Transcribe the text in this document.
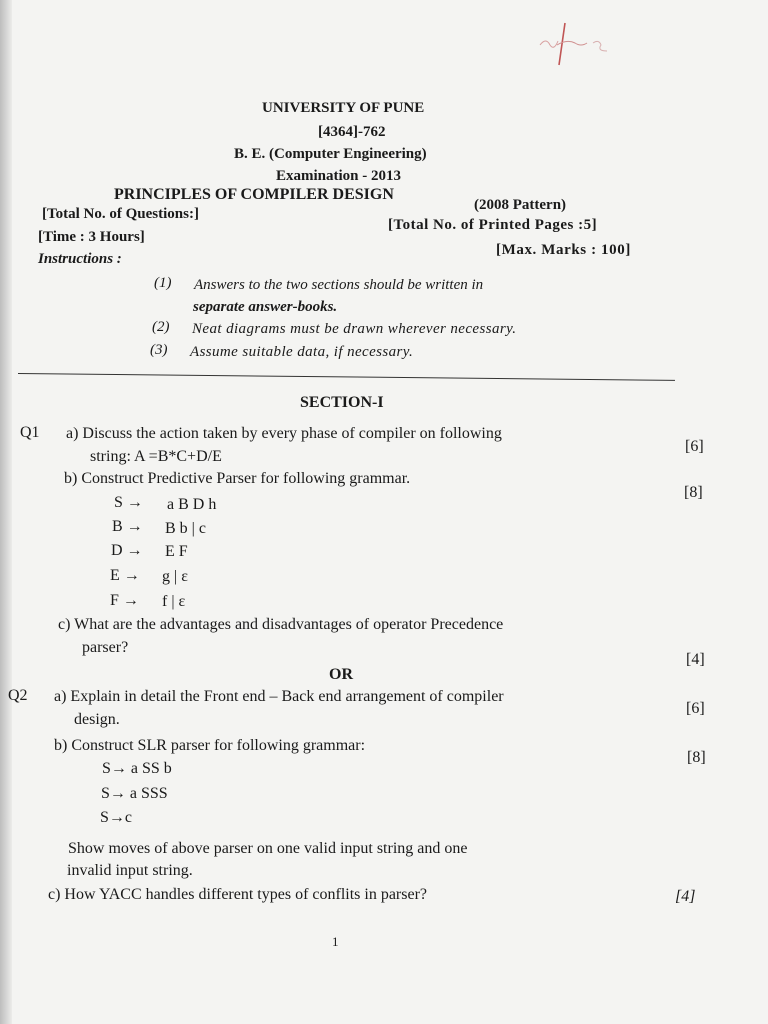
UNIVERSITY OF PUNE
[4364]-762
B. E. (Computer Engineering)
Examination - 2013
PRINCIPLES OF COMPILER DESIGN
(2008 Pattern)
[Total No. of Questions:]
[Total No. of Printed Pages :5]
[Time : 3 Hours]
[Max. Marks : 100]
Instructions :
(1) Answers to the two sections should be written in
separate answer-books.
(2) Neat diagrams must be drawn wherever necessary.
(3) Assume suitable data, if necessary.
SECTION-I
Q1 a) Discuss the action taken by every phase of compiler on following
string: A =B*C+D/E
[6]
b) Construct Predictive Parser for following grammar.
[8]
S → a B D h
B → B b | c
D → E F
E → g | ε
F → f | ε
c) What are the advantages and disadvantages of operator Precedence
parser?
[4]
OR
Q2 a) Explain in detail the Front end – Back end arrangement of compiler
design.
[6]
b) Construct SLR parser for following grammar:
[8]
S→ a SS b
S→ a SSS
S→c
Show moves of above parser on one valid input string and one
invalid input string.
c) How YACC handles different types of conflits in parser?	[4]
1
